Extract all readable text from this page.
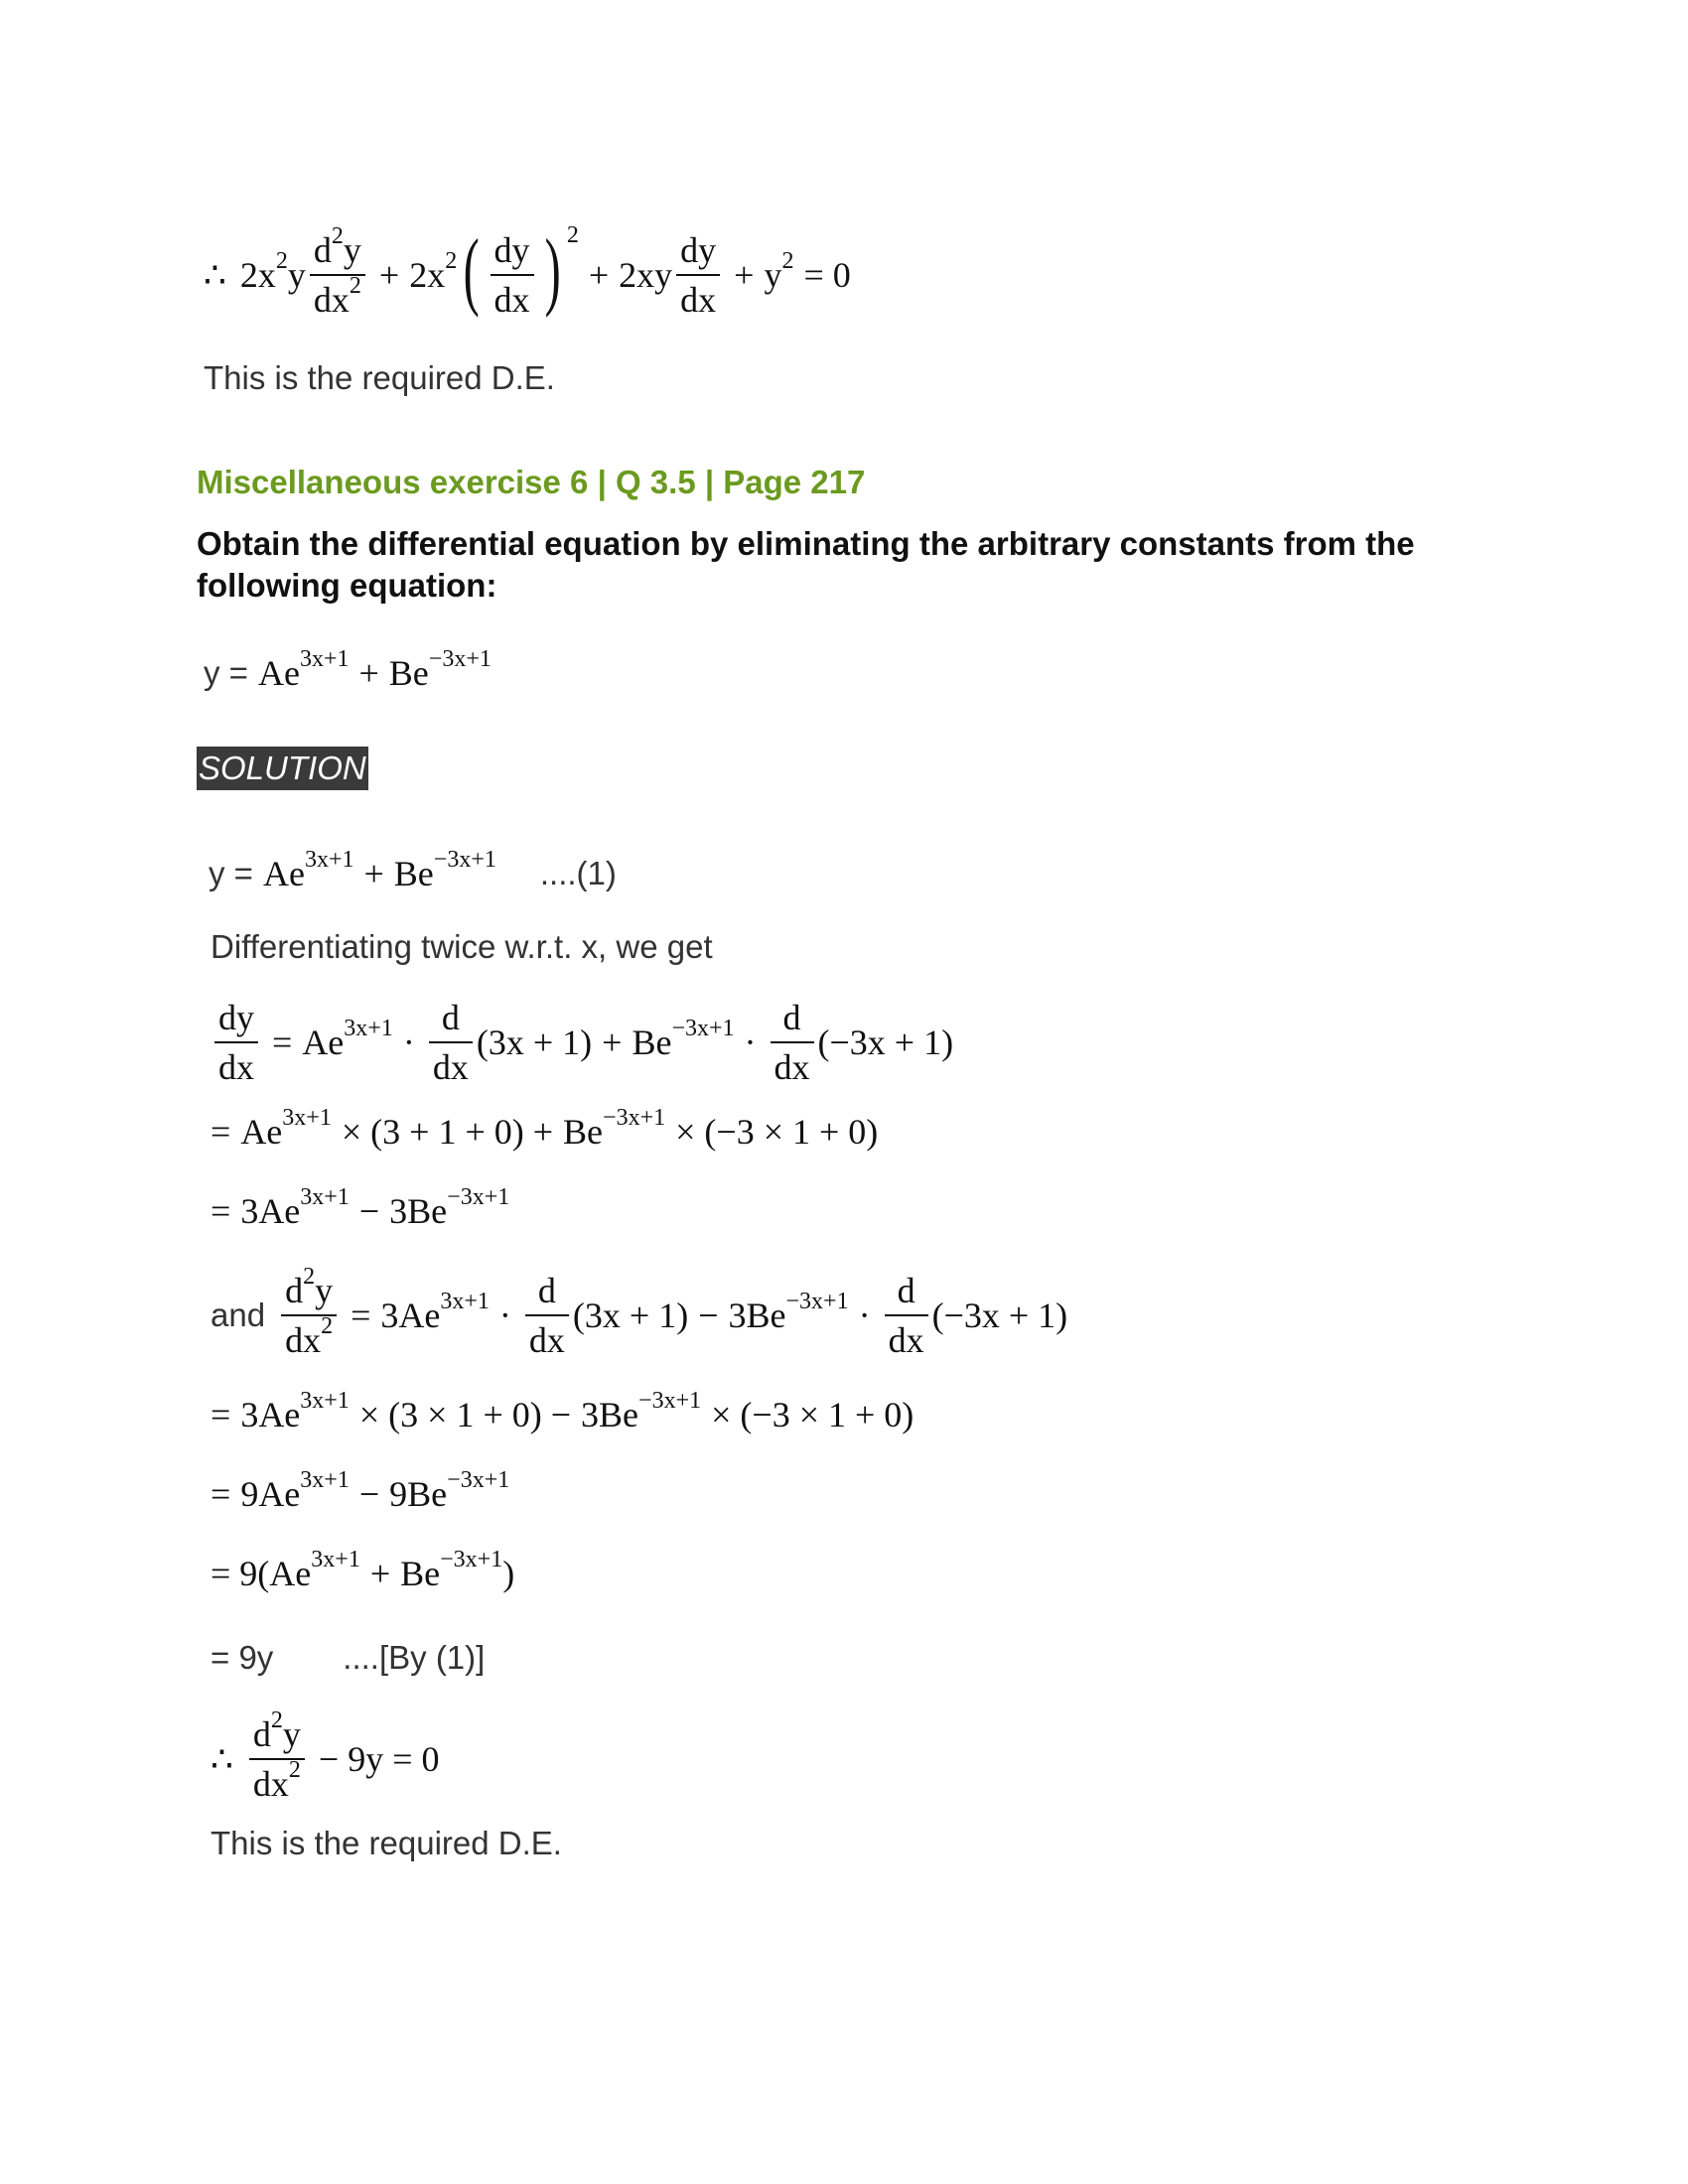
∴ $2x^2y \frac{d^2y}{dx^2} + 2x^2$ ( $\frac{dy}{dx}$ ) $^2$
+ $2xy \frac{dy}{dx} + y^2 = 0$
This is the required D.E.
Miscellaneous exercise 6 | Q 3.5 | Page 217
Obtain the differential equation by eliminating the arbitrary constants from the following equation:
$y = Ae^{3x+1} + Be^{-3x+1}$
SOLUTION
$y = Ae^{3x+1} + Be^{-3x+1}$ ....(1)
Differentiating twice w.r.t. x, we get
$\frac{dy}{dx} = Ae^{3x+1} \cdot \frac{d}{dx} (3x + 1) + Be^{-3x+1} \cdot \frac{d}{dx} (-3x + 1)$
= $Ae^{3x+1} \times (3 + 1 + 0) + Be^{-3x+1} \times (-3 \times 1 + 0)$
= $3Ae^{3x+1} - 3Be^{-3x+1}$
and $\frac{d^2y}{dx^2} = 3Ae^{3x+1} \cdot \frac{d}{dx} (3x + 1) - 3Be^{-3x+1} \cdot \frac{d}{dx} (-3x + 1)$
= $3Ae^{3x+1} \times (3 \times 1 + 0) - 3Be^{-3x+1} \times (-3 \times 1 + 0)$
= $9Ae^{3x+1} - 9Be^{-3x+1}$
= 9( $Ae^{3x+1} + Be^{-3x+1}$ )
= 9y ....[By (1)]
∴ $\frac{d^2y}{dx^2} - 9y = 0$
This is the required D.E.
